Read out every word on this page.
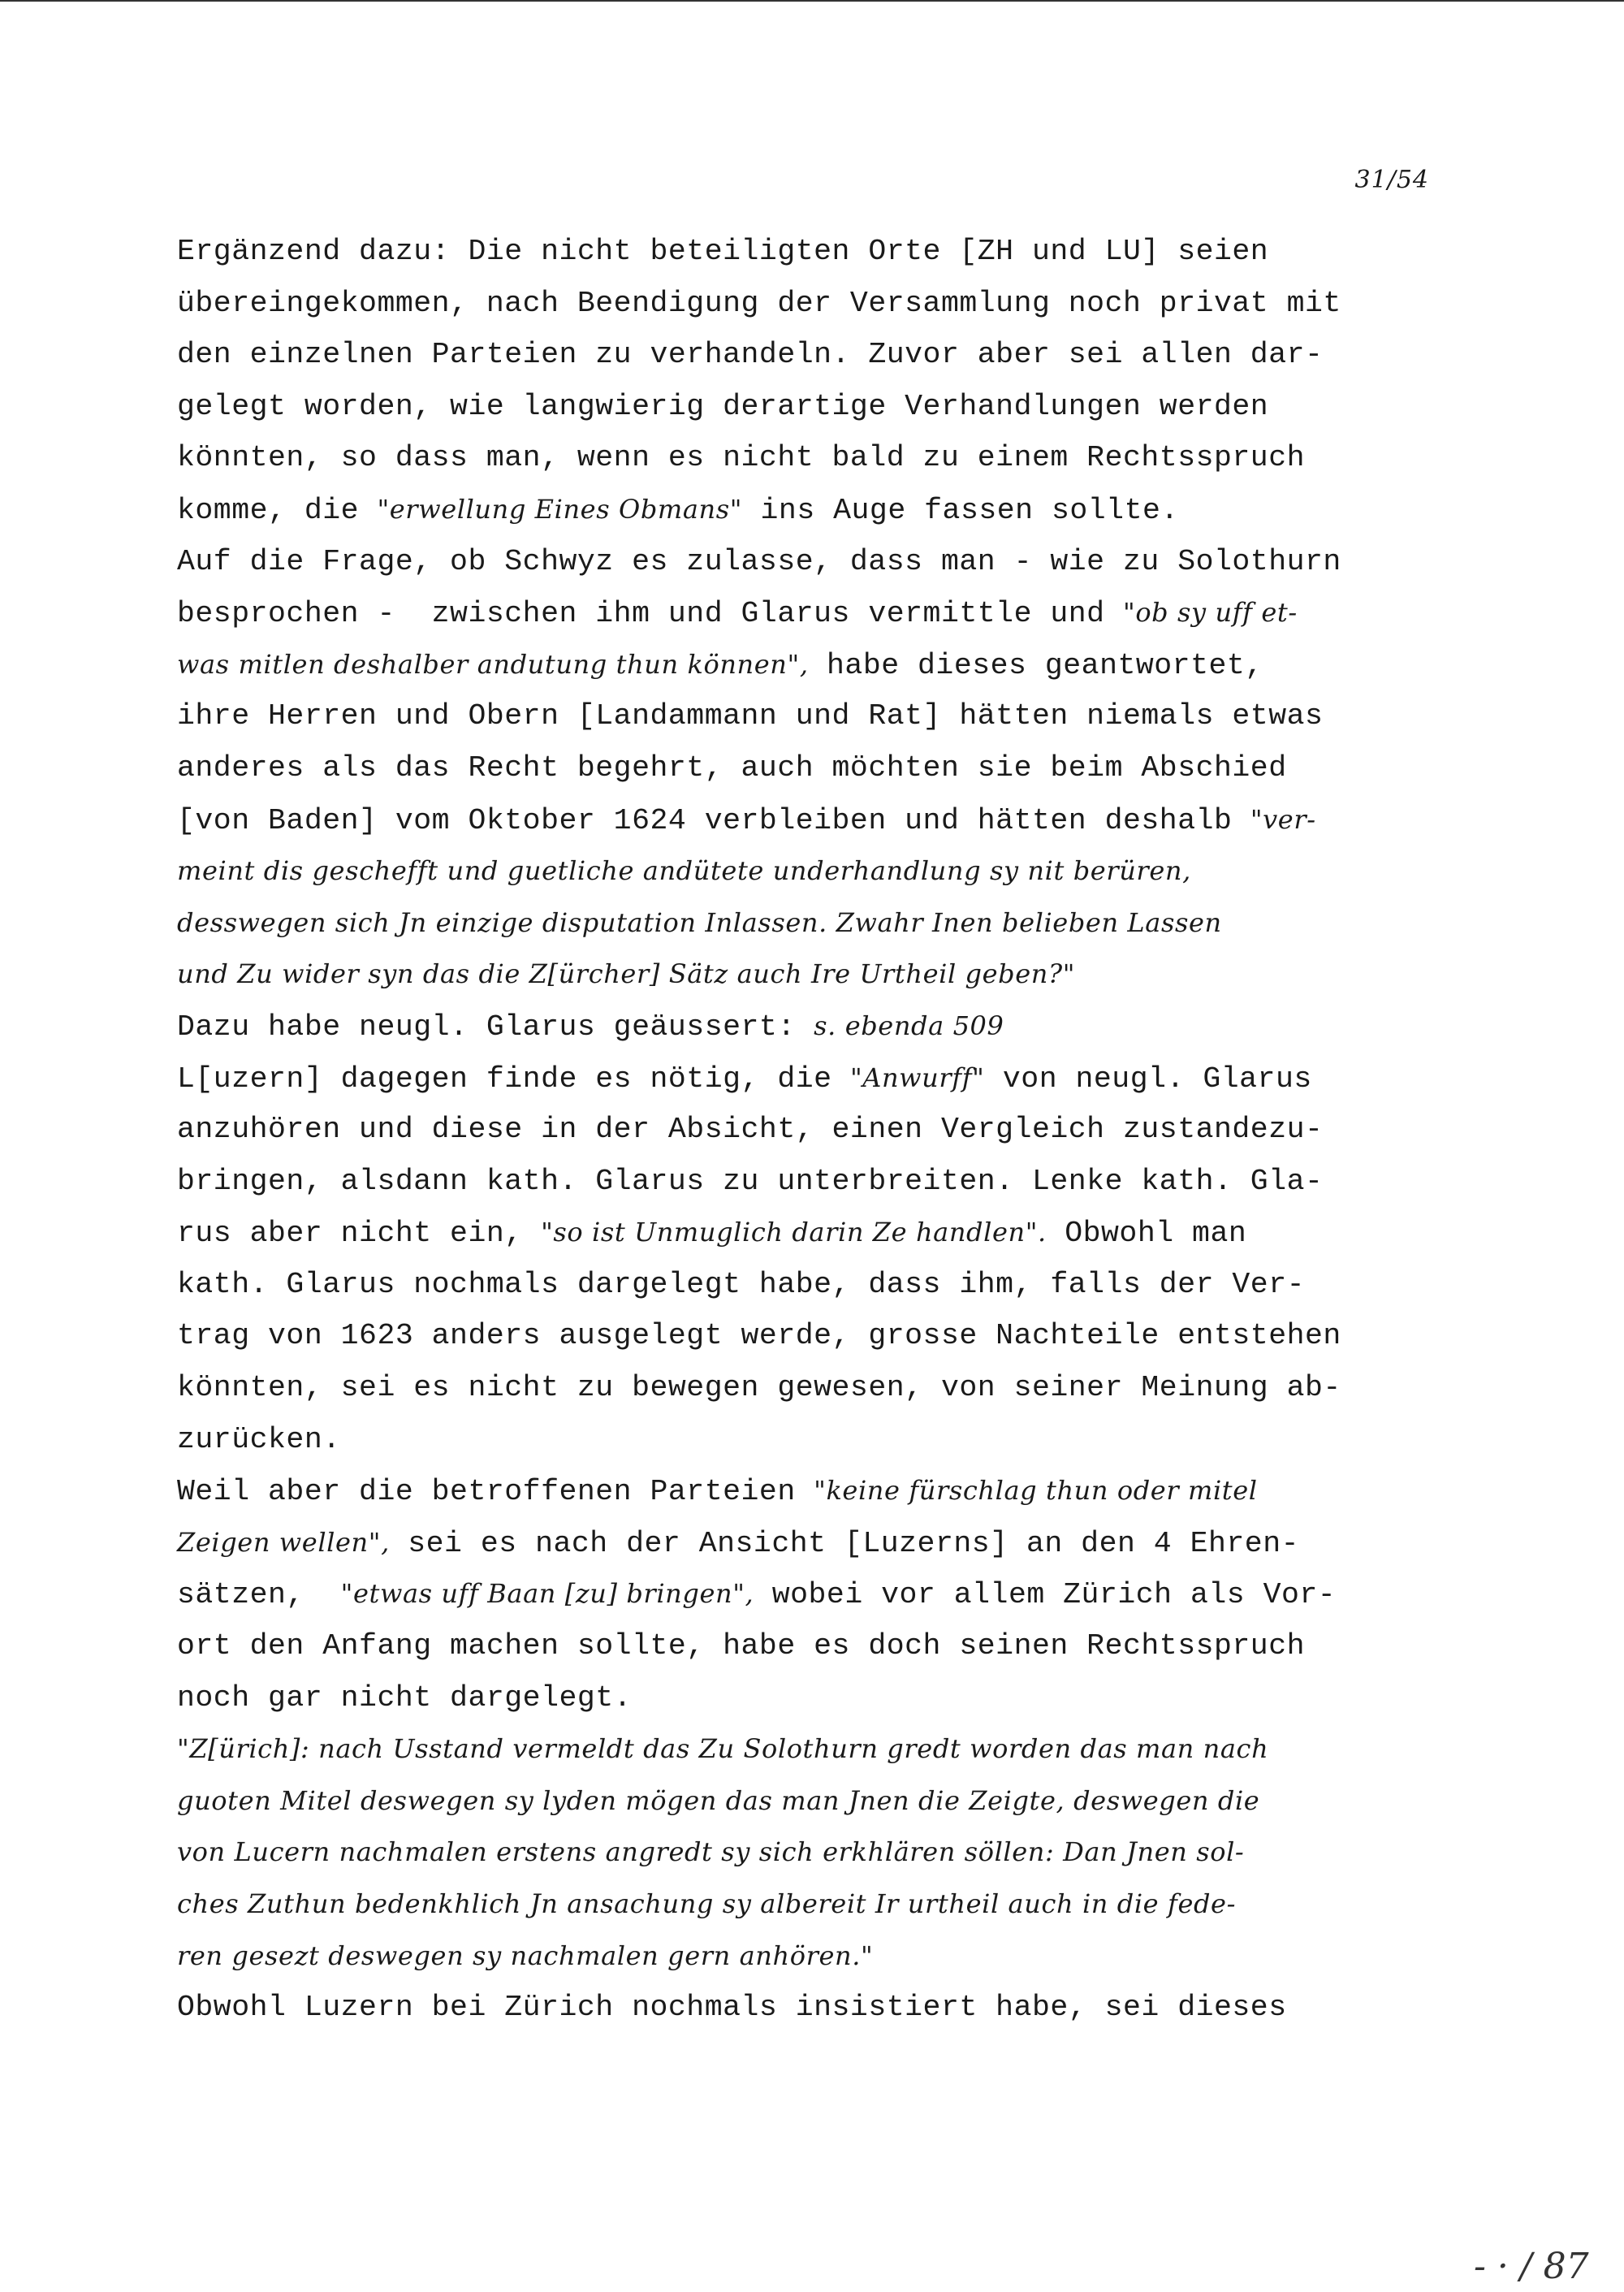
31/54
Ergänzend dazu: Die nicht beteiligten Orte [ZH und LU] seien
übereingekommen, nach Beendigung der Versammlung noch privat mit
den einzelnen Parteien zu verhandeln. Zuvor aber sei allen dar-
gelegt worden, wie langwierig derartige Verhandlungen werden
könnten, so dass man, wenn es nicht bald zu einem Rechtsspruch
komme, die "erwellung Eines Obmans" ins Auge fassen sollte.
Auf die Frage, ob Schwyz es zulasse, dass man - wie zu Solothurn
besprochen -  zwischen ihm und Glarus vermittle und "ob sy uff et-
was mitlen deshalber andutung thun können", habe dieses geantwortet,
ihre Herren und Obern [Landammann und Rat] hätten niemals etwas
anderes als das Recht begehrt, auch möchten sie beim Abschied
[von Baden] vom Oktober 1624 verbleiben und hätten deshalb "ver-
meint dis geschefft und guetliche andütete underhandlung sy nit berüren,
desswegen sich Jn einzige disputation Inlassen. Zwahr Inen belieben Lassen
und Zu wider syn das die Z[ürcher] Sätz auch Ire Urtheil geben?"
Dazu habe neugl. Glarus geäussert: s. ebenda 509
L[uzern] dagegen finde es nötig, die "Anwurff" von neugl. Glarus
anzuhören und diese in der Absicht, einen Vergleich zustandezu-
bringen, alsdann kath. Glarus zu unterbreiten. Lenke kath. Gla-
rus aber nicht ein, "so ist Unmuglich darin Ze handlen". Obwohl man
kath. Glarus nochmals dargelegt habe, dass ihm, falls der Ver-
trag von 1623 anders ausgelegt werde, grosse Nachteile entstehen
könnten, sei es nicht zu bewegen gewesen, von seiner Meinung ab-
zurücken.
Weil aber die betroffenen Parteien "keine fürschlag thun oder mitel
Zeigen wellen", sei es nach der Ansicht [Luzerns] an den 4 Ehren-
sätzen,  "etwas uff Baan [zu] bringen", wobei vor allem Zürich als Vor-
ort den Anfang machen sollte, habe es doch seinen Rechtsspruch
noch gar nicht dargelegt.
"Z[ürich]: nach Usstand vermeldt das Zu Solothurn gredt worden das man nach
guoten Mitel deswegen sy lyden mögen das man Jnen die Zeigte, deswegen die
von Lucern nachmalen erstens angredt sy sich erkhlären söllen: Dan Jnen sol-
ches Zuthun bedenkhlich Jn ansachung sy albereit Ir urtheil auch in die fede-
ren gesezt deswegen sy nachmalen gern anhören."
Obwohl Luzern bei Zürich nochmals insistiert habe, sei dieses
- · / 87
